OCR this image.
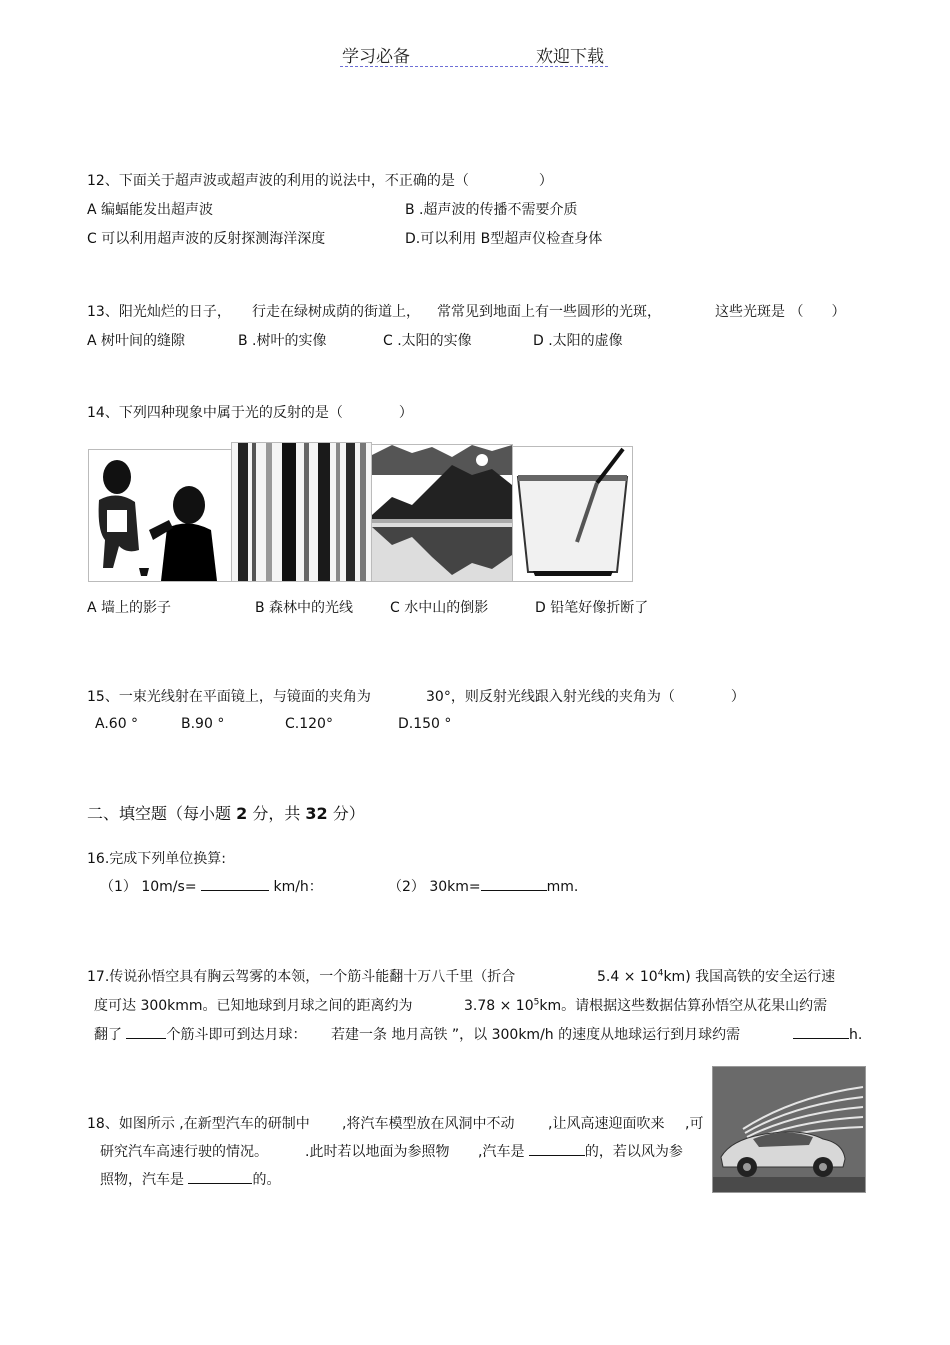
学习必备	欢迎下载
12、下面关于超声波或超声波的利用的说法中，不正确的是（　　　　　）
A 编蝠能发出超声波	B .超声波的传播不需要介质
C 可以利用超声波的反射探测海洋深度	D.可以利用 B型超声仪检查身体
13、阳光灿烂的日子， 行走在绿树成荫的街道上， 常常见到地面上有一些圆形的光斑，	这些光斑是 （　　）
A 树叶间的缝隙	B .树叶的实像	C .太阳的实像	D .太阳的虚像
14、下列四种现象中属于光的反射的是（　　　　）
A 墙上的影子	B 森林中的光线	C 水中山的倒影	D 铅笔好像折断了
15、一束光线射在平面镜上，与镜面的夹角为	30°，则反射光线跟入射光线的夹角为（　　　　）
A.60 °	B.90 °	C.120°	D.150 °
二、填空题（每小题 2 分，共 32 分）
16.完成下列单位换算:
（1） 10m/s=	km/h：	（2） 30km=	mm.
17.传说孙悟空具有胸云驾雾的本领，一个筋斗能翻十万八千里（折合	$5.4 \times 10^4km$) 我国高铁的安全运行速
度可达 300kmm。已知地球到月球之间的距离约为	$3.78 \times 10^5km$。请根据这些数据估算孙悟空从花果山约需
翻了	个筋斗即可到达月球： 若建一条 地月高铁 ”，以 300km/h 的速度从地球运行到月球约需	h.
18、如图所示 ,在新型汽车的研制中 ,将汽车模型放在风洞中不动 ,让风高速迎面吹来 ,可
研究汽车高速行驶的情况。	.此时若以地面为参照物 ,汽车是	的，若以风为参
照物，汽车是	的。
